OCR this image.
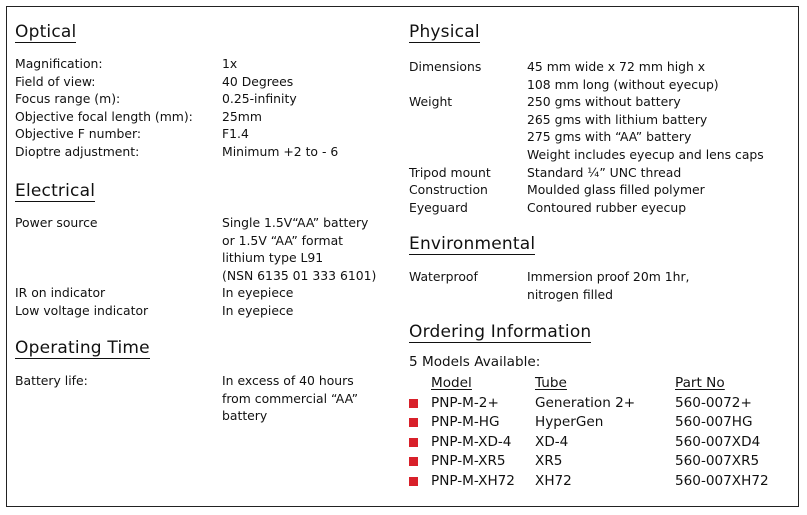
Optical
Magnification:	1x
Field of view:	40 Degrees
Focus range (m):	0.25-infinity
Objective focal length (mm):	25mm
Objective F number:	F1.4
Dioptre adjustment:	Minimum +2 to - 6
Electrical
Power source	Single 1.5V“AA” battery
or 1.5V “AA” format
lithium type L91
(NSN 6135 01 333 6101)
IR on indicator	In eyepiece
Low voltage indicator	In eyepiece
Operating Time
Battery life:	In excess of 40 hours
from commercial “AA”
battery
Physical
Dimensions	45 mm wide x 72 mm high x
108 mm long (without eyecup)
Weight	250 gms without battery
265 gms with lithium battery
275 gms with “AA” battery
Weight includes eyecup and lens caps
Tripod mount	Standard ¼” UNC thread
Construction	Moulded glass filled polymer
Eyeguard	Contoured rubber eyecup
Environmental
Waterproof	Immersion proof 20m 1hr,
nitrogen filled
Ordering Information
5 Models Available:
Model	Tube	Part No
PNP-M-2+	Generation 2+	560-0072+
PNP-M-HG	HyperGen	560-007HG
PNP-M-XD-4	XD-4	560-007XD4
PNP-M-XR5	XR5	560-007XR5
PNP-M-XH72	XH72	560-007XH72
